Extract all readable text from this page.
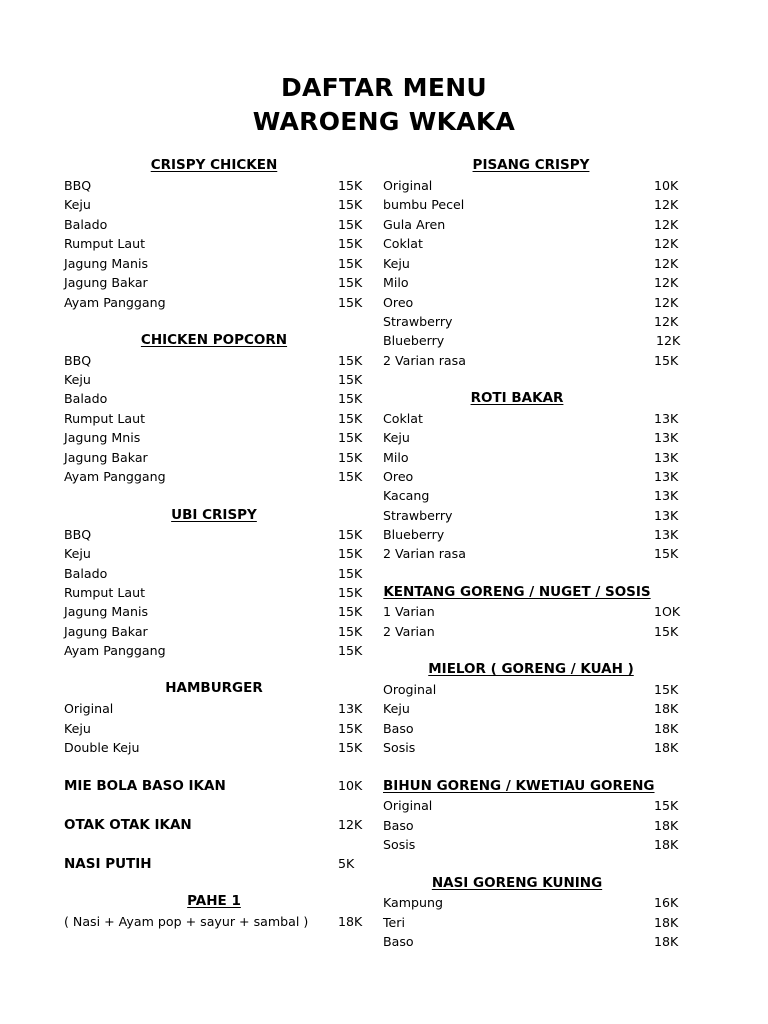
DAFTAR MENU
WAROENG WKAKA
CRISPY CHICKEN
BBQ	15K
Keju	15K
Balado	15K
Rumput Laut	15K
Jagung Manis	15K
Jagung Bakar	15K
Ayam Panggang	15K
CHICKEN POPCORN
BBQ	15K
Keju	15K
Balado	15K
Rumput Laut	15K
Jagung Mnis	15K
Jagung Bakar	15K
Ayam Panggang	15K
UBI CRISPY
BBQ	15K
Keju	15K
Balado	15K
Rumput Laut	15K
Jagung Manis	15K
Jagung Bakar	15K
Ayam Panggang	15K
HAMBURGER
Original	13K
Keju	15K
Double Keju	15K
MIE BOLA BASO IKAN	10K
OTAK OTAK IKAN	12K
NASI PUTIH	5K
PAHE 1
( Nasi + Ayam pop + sayur + sambal ) 18K
PISANG CRISPY
Original	10K
bumbu Pecel	12K
Gula Aren	12K
Coklat	12K
Keju	12K
Milo	12K
Oreo	12K
Strawberry	12K
Blueberry	12K
2 Varian rasa	15K
ROTI BAKAR
Coklat	13K
Keju	13K
Milo	13K
Oreo	13K
Kacang	13K
Strawberry	13K
Blueberry	13K
2 Varian rasa	15K
KENTANG GORENG / NUGET / SOSIS
1 Varian	1OK
2 Varian	15K
MIELOR ( GORENG / KUAH )
Oroginal	15K
Keju	18K
Baso	18K
Sosis	18K
BIHUN GORENG / KWETIAU GORENG
Original	15K
Baso	18K
Sosis	18K
NASI GORENG KUNING
Kampung	16K
Teri	18K
Baso	18K
